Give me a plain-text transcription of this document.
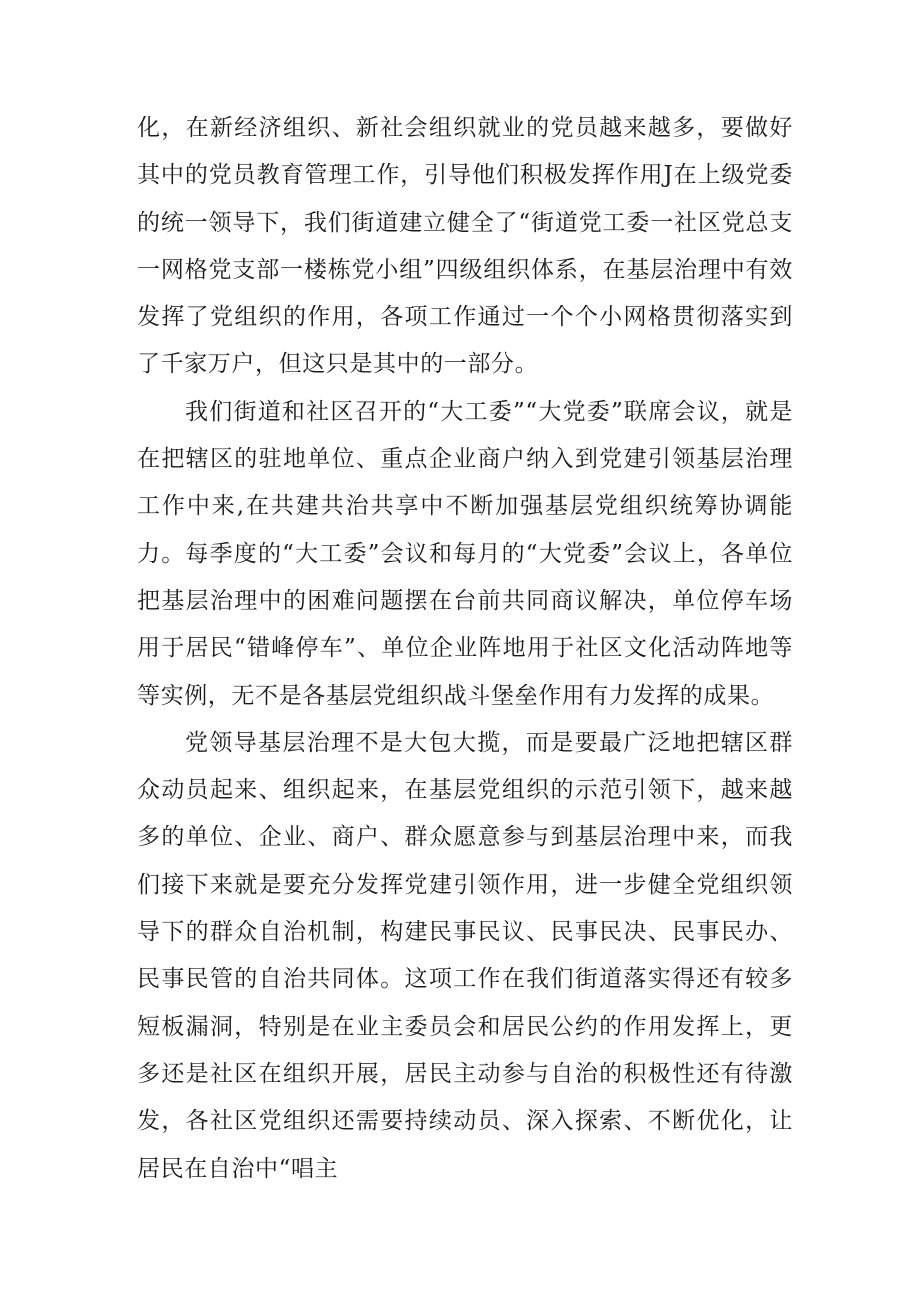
化，在新经济组织、新社会组织就业的党员越来越多，要做好其中的党员教育管理工作，引导他们积极发挥作用J在上级党委的统一领导下，我们街道建立健全了“街道党工委一社区党总支一网格党支部一楼栋党小组”四级组织体系，在基层治理中有效发挥了党组织的作用，各项工作通过一个个小网格贯彻落实到了千家万户，但这只是其中的一部分。

我们街道和社区召开的“大工委”“大党委”联席会议，就是在把辖区的驻地单位、重点企业商户纳入到党建引领基层治理工作中来,在共建共治共享中不断加强基层党组织统筹协调能力。每季度的“大工委”会议和每月的“大党委”会议上，各单位把基层治理中的困难问题摆在台前共同商议解决，单位停车场用于居民“错峰停车”、单位企业阵地用于社区文化活动阵地等等实例，无不是各基层党组织战斗堡垒作用有力发挥的成果。

党领导基层治理不是大包大揽，而是要最广泛地把辖区群众动员起来、组织起来，在基层党组织的示范引领下，越来越多的单位、企业、商户、群众愿意参与到基层治理中来，而我们接下来就是要充分发挥党建引领作用，进一步健全党组织领导下的群众自治机制，构建民事民议、民事民决、民事民办、民事民管的自治共同体。这项工作在我们街道落实得还有较多短板漏洞，特别是在业主委员会和居民公约的作用发挥上，更多还是社区在组织开展，居民主动参与自治的积极性还有待激发，各社区党组织还需要持续动员、深入探索、不断优化，让居民在自治中“唱主
